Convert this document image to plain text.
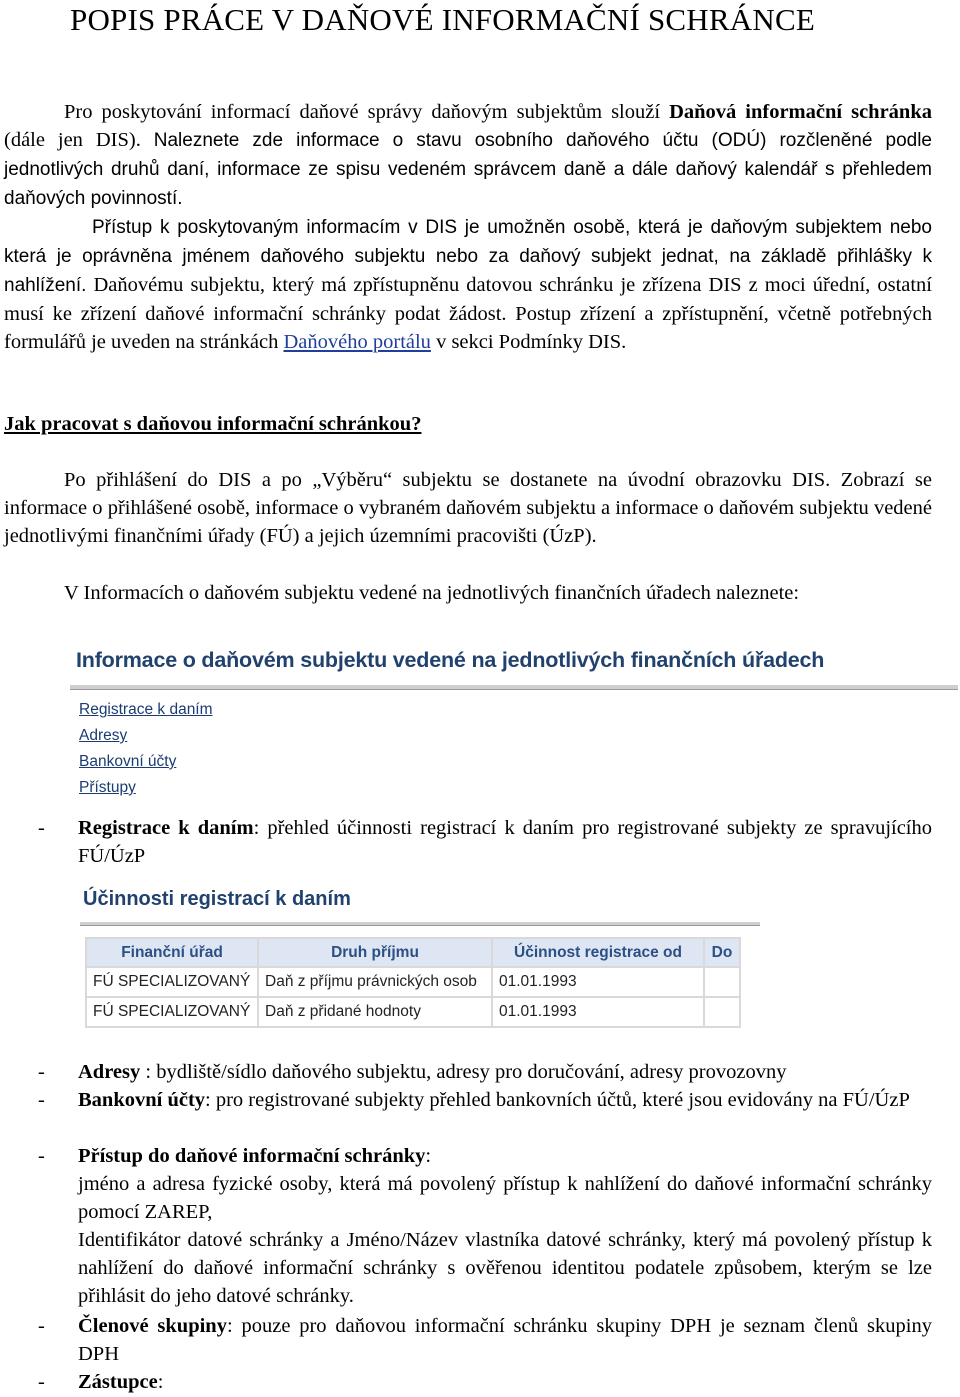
POPIS PRÁCE V DAŇOVÉ INFORMAČNÍ SCHRÁNCE

Pro poskytování informací daňové správy daňovým subjektům slouží Daňová informační schránka (dále jen DIS). Naleznete zde informace o stavu osobního daňového účtu (ODÚ) rozčleněné podle jednotlivých druhů daní, informace ze spisu vedeném správcem daně a dále daňový kalendář s přehledem daňových povinností.

Přístup k poskytovaným informacím v DIS je umožněn osobě, která je daňovým subjektem nebo která je oprávněna jménem daňového subjektu nebo za daňový subjekt jednat, na základě přihlášky k nahlížení. Daňovému subjektu, který má zpřístupněnu datovou schránku je zřízena DIS z moci úřední, ostatní musí ke zřízení daňové informační schránky podat žádost. Postup zřízení a zpřístupnění, včetně potřebných formulářů je uveden na stránkách Daňového portálu v sekci Podmínky DIS.

Jak pracovat s daňovou informační schránkou?

Po přihlášení do DIS a po „Výběru“ subjektu se dostanete na úvodní obrazovku DIS. Zobrazí se informace o přihlášené osobě, informace o vybraném daňovém subjektu a informace o daňovém subjektu vedené jednotlivými finančními úřady (FÚ) a jejich územními pracovišti (ÚzP).

V Informacích o daňovém subjektu vedené na jednotlivých finančních úřadech naleznete:

Informace o daňovém subjektu vedené na jednotlivých finančních úřadech
Registrace k daním
Adresy
Bankovní účty
Přístupy
- Registrace k daním: přehled účinnosti registrací k daním pro registrované subjekty ze spravujícího FÚ/ÚzP
Účinnosti registrací k daním
Finanční úřad	Druh příjmu	Účinnost registrace od	Do
FÚ SPECIALIZOVANÝ	Daň z příjmu právnických osob	01.01.1993	
FÚ SPECIALIZOVANÝ	Daň z přidané hodnoty	01.01.1993	
- Adresy : bydliště/sídlo daňového subjektu, adresy pro doručování, adresy provozovny
- Bankovní účty: pro registrované subjekty přehled bankovních účtů, které jsou evidovány na FÚ/ÚzP
- Přístup do daňové informační schránky:
jméno a adresa fyzické osoby, která má povolený přístup k nahlížení do daňové informační schránky pomocí ZAREP,
Identifikátor datové schránky a Jméno/Název vlastníka datové schránky, který má povolený přístup k nahlížení do daňové informační schránky s ověřenou identitou podatele způsobem, kterým se lze přihlásit do jeho datové schránky.
- Členové skupiny: pouze pro daňovou informační schránku skupiny DPH je seznam členů skupiny DPH
- Zástupce:
